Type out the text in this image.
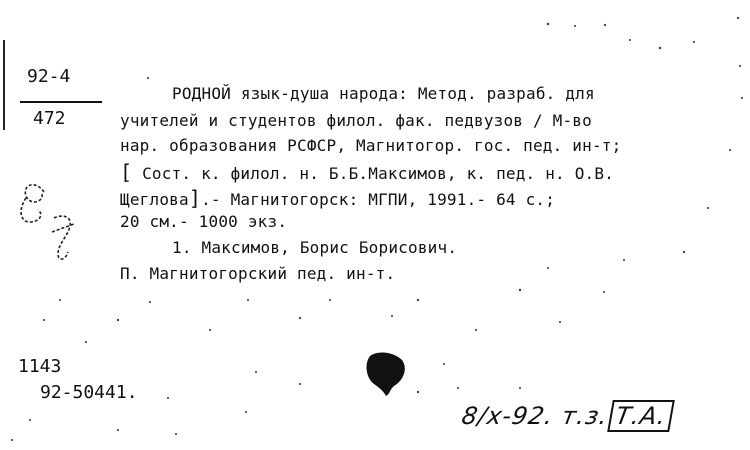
92-4
472
РОДНОЙ язык-душа народа: Метод. разраб. для
учителей и студентов филол. фак. педвузов / М-во
нар. образования РСФСР, Магнитогор. гос. пед. ин-т;
[ Сост. к. филол. н. Б.Б.Максимов, к. пед. н. О.В.
Щеглова].- Магнитогорск: МГПИ, 1991.- 64 с.;
20 см.- 1000 экз.
1. Максимов, Борис Борисович.
П. Магнитогорский пед. ин-т.
1143
92-50441.
8/х-92. т.з. Т.А.
